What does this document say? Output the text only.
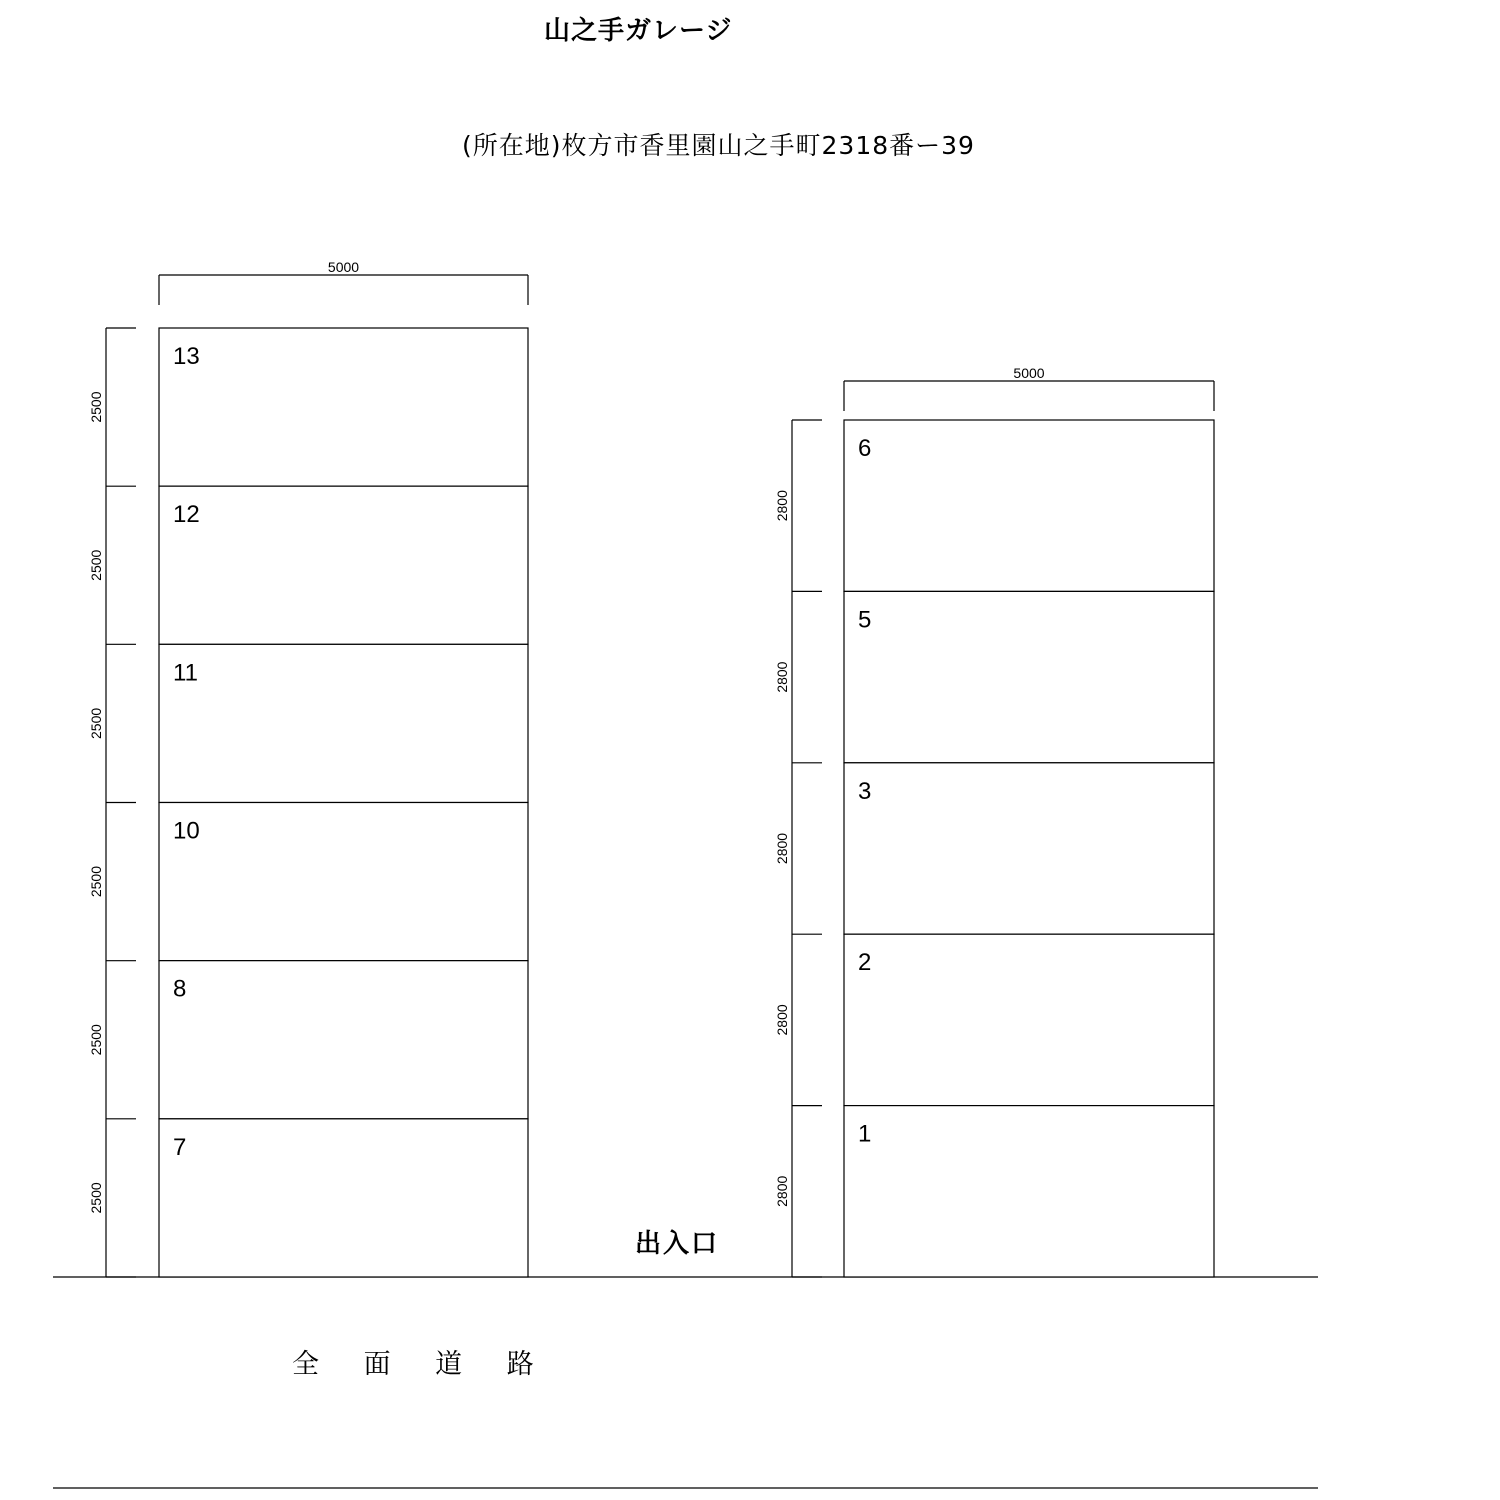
山之手ガレージ
(所在地)枚方市香里園山之手町2318番ー39
5000
13
2500
12
2500
11
2500
10
2500
8
2500
7
2500
5000
6
2800
5
2800
3
2800
2
2800
1
2800
出入口
全 面 道 路
